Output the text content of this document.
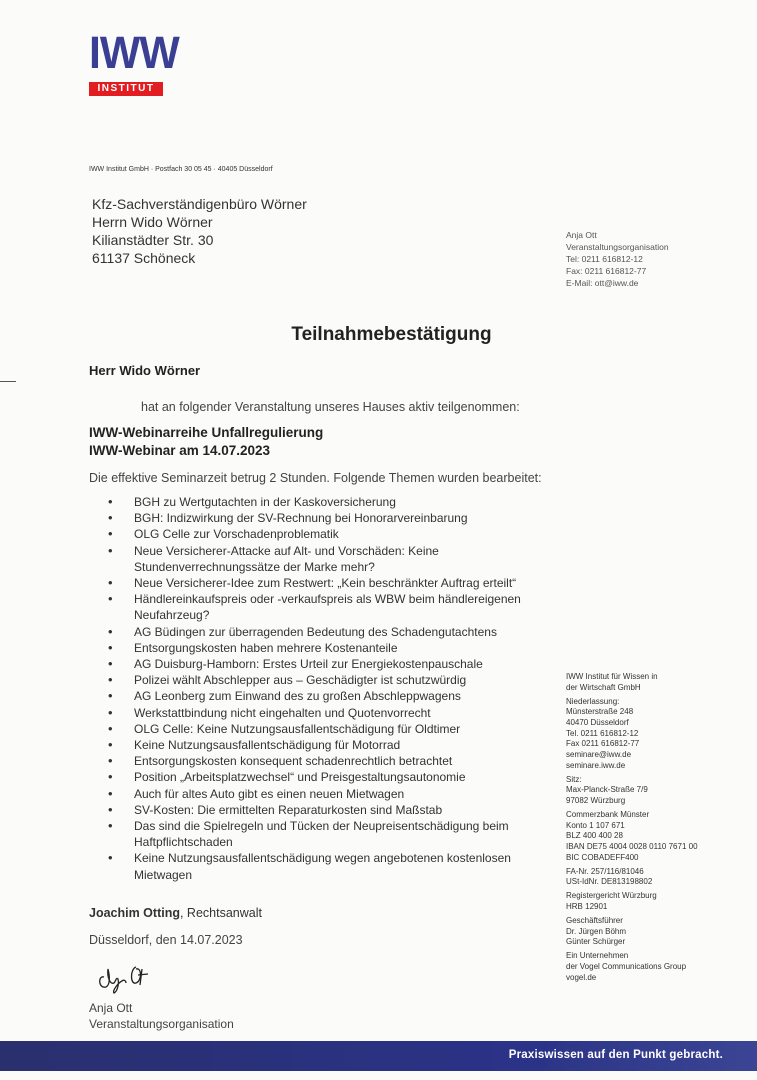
IWW
INSTITUT
IWW Institut GmbH · Postfach 30 05 45 · 40405 Düsseldorf
Kfz-Sachverständigenbüro Wörner
Herrn Wido Wörner
Kilianstädter Str. 30
61137 Schöneck
Anja Ott
Veranstaltungsorganisation
Tel: 0211 616812-12
Fax: 0211 616812-77
E-Mail: ott@iww.de
Teilnahmebestätigung
Herr Wido Wörner
hat an folgender Veranstaltung unseres Hauses aktiv teilgenommen:
IWW-Webinarreihe Unfallregulierung
IWW-Webinar am 14.07.2023
Die effektive Seminarzeit betrug 2 Stunden. Folgende Themen wurden bearbeitet:
• BGH zu Wertgutachten in der Kaskoversicherung
• BGH: Indizwirkung der SV-Rechnung bei Honorarvereinbarung
• OLG Celle zur Vorschadenproblematik
• Neue Versicherer-Attacke auf Alt- und Vorschäden: Keine Stundenverrechnungssätze der Marke mehr?
• Neue Versicherer-Idee zum Restwert: „Kein beschränkter Auftrag erteilt“
• Händlereinkaufspreis oder -verkaufspreis als WBW beim händlereigenen Neufahrzeug?
• AG Büdingen zur überragenden Bedeutung des Schadengutachtens
• Entsorgungskosten haben mehrere Kostenanteile
• AG Duisburg-Hamborn: Erstes Urteil zur Energiekostenpauschale
• Polizei wählt Abschlepper aus – Geschädigter ist schutzwürdig
• AG Leonberg zum Einwand des zu großen Abschleppwagens
• Werkstattbindung nicht eingehalten und Quotenvorrecht
• OLG Celle: Keine Nutzungsausfallentschädigung für Oldtimer
• Keine Nutzungsausfallentschädigung für Motorrad
• Entsorgungskosten konsequent schadenrechtlich betrachtet
• Position „Arbeitsplatzwechsel“ und Preisgestaltungsautonomie
• Auch für altes Auto gibt es einen neuen Mietwagen
• SV-Kosten: Die ermittelten Reparaturkosten sind Maßstab
• Das sind die Spielregeln und Tücken der Neupreisentschädigung beim Haftpflichtschaden
• Keine Nutzungsausfallentschädigung wegen angebotenen kostenlosen Mietwagen
Joachim Otting, Rechtsanwalt
Düsseldorf, den 14.07.2023
Anja Ott
Veranstaltungsorganisation

IWW Institut für Wissen in
der Wirtschaft GmbH

Niederlassung:
Münsterstraße 248
40470 Düsseldorf
Tel. 0211 616812-12
Fax 0211 616812-77
seminare@iww.de
seminare.iww.de

Sitz:
Max-Planck-Straße 7/9
97082 Würzburg

Commerzbank Münster
Konto 1 107 671
BLZ 400 400 28
IBAN DE75 4004 0028 0110 7671 00
BIC COBADEFF400

FA-Nr. 257/116/81046
USt-IdNr. DE813198802

Registergericht Würzburg
HRB 12901

Geschäftsführer
Dr. Jürgen Böhm
Günter Schürger

Ein Unternehmen
der Vogel Communications Group
vogel.de

Praxiswissen auf den Punkt gebracht.
